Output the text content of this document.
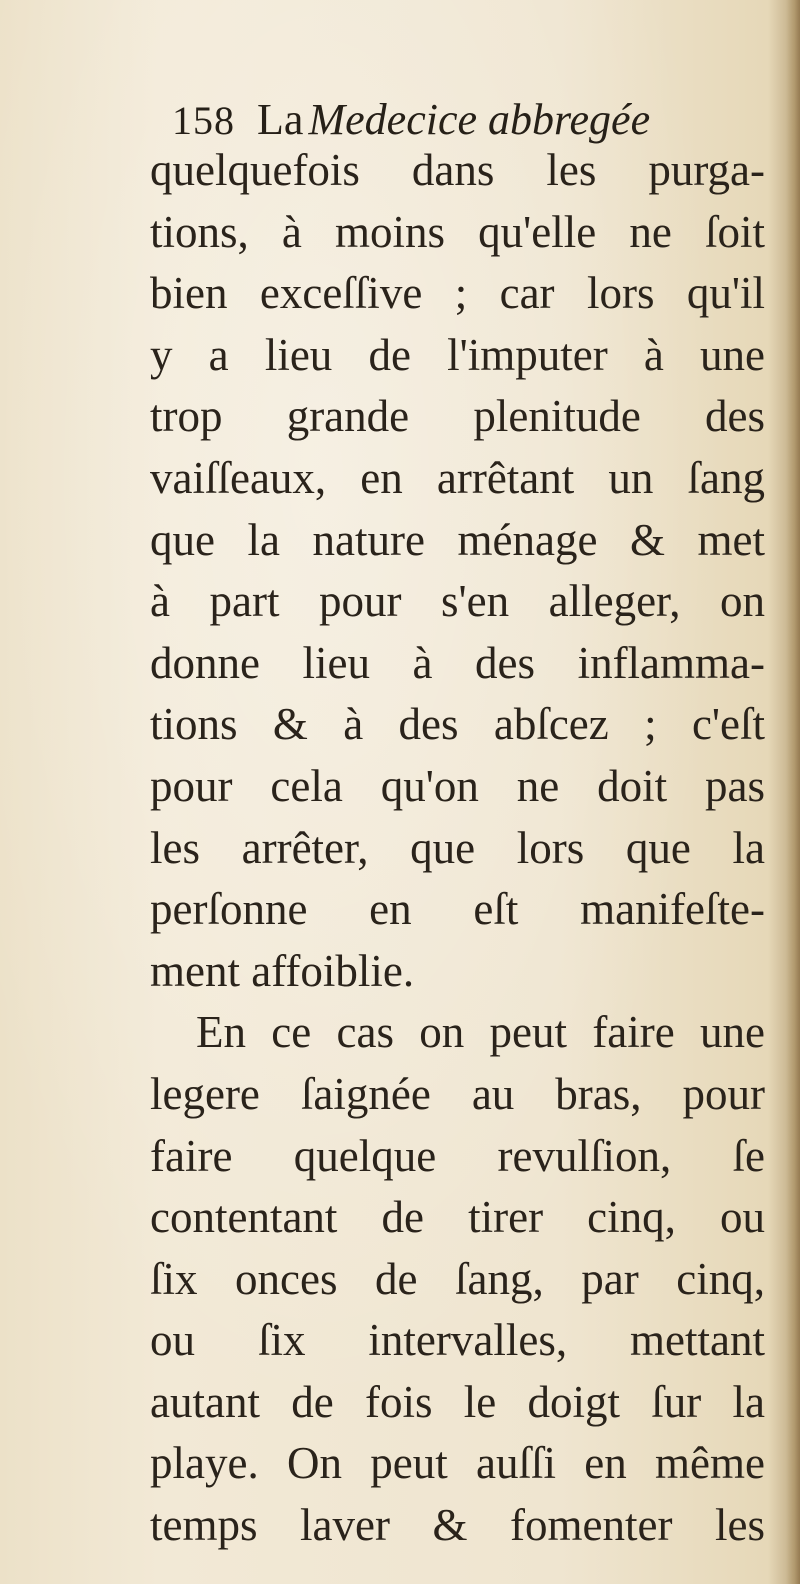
158 La Medecice abbregée
quelquefois dans les purga-
tions, à moins qu'elle ne ſoit
bien exceſſive ; car lors qu'il
y a lieu de l'imputer à une
trop grande plenitude des
vaiſſeaux, en arrêtant un ſang
que la nature ménage & met
à part pour s'en alleger, on
donne lieu à des inflamma-
tions & à des abſcez ; c'eſt
pour cela qu'on ne doit pas
les arrêter, que lors que la
perſonne en eſt manifeſte-
ment affoiblie.
En ce cas on peut faire une
legere ſaignée au bras, pour
faire quelque revulſion, ſe
contentant de tirer cinq, ou
ſix onces de ſang, par cinq,
ou ſix intervalles, mettant
autant de fois le doigt ſur la
playe. On peut auſſi en même
temps laver & fomenter les
